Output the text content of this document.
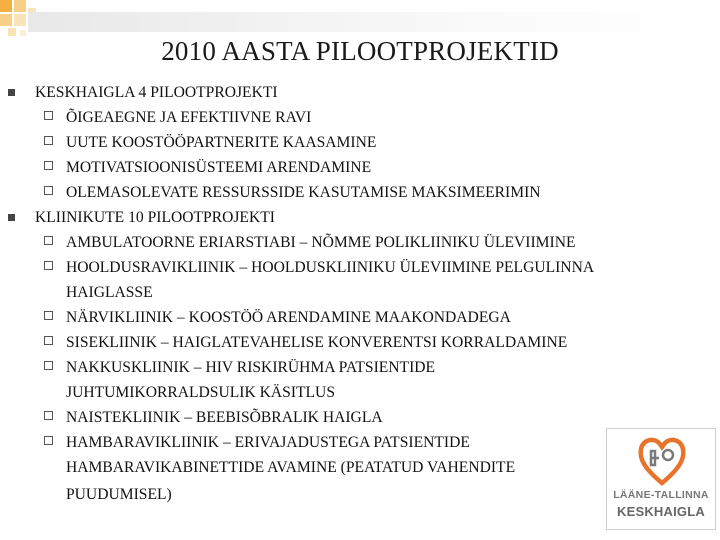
2010 AASTA PILOOTPROJEKTID
KESKHAIGLA 4 PILOOTPROJEKTI
ÕIGEAEGNE JA EFEKTIIVNE RAVI
UUTE KOOSTÖÖPARTNERITE KAASAMINE
MOTIVATSIOONISÜSTEEMI ARENDAMINE
OLEMASOLEVATE RESSURSSIDE KASUTAMISE MAKSIMEERIMIN
KLIINIKUTE 10 PILOOTPROJEKTI
AMBULATOORNE ERIARSTIABI – NÕMME POLIKLIINIKU ÜLEVIIMINE
HOOLDUSRAVIKLIINIK – HOOLDUSKLIINIKU ÜLEVIIMINE PELGULINNA
HAIGLASSE
NÄRVIKLIINIK – KOOSTÖÖ ARENDAMINE MAAKONDADEGA
SISEKLIINIK – HAIGLATEVAHELISE KONVERENTSI KORRALDAMINE
NAKKUSKLIINIK – HIV RISKIRÜHMA PATSIENTIDE
JUHTUMIKORRALDSULIK KÄSITLUS
NAISTEKLIINIK – BEEBISÕBRALIK HAIGLA
HAMBARAVIKLIINIK – ERIVAJADUSTEGA PATSIENTIDE
HAMBARAVIKABINETTIDE AVAMINE (PEATATUD VAHENDITE
PUUDUMISEL)	LÄÄNE-TALLINNA
KESKHAIGLA
